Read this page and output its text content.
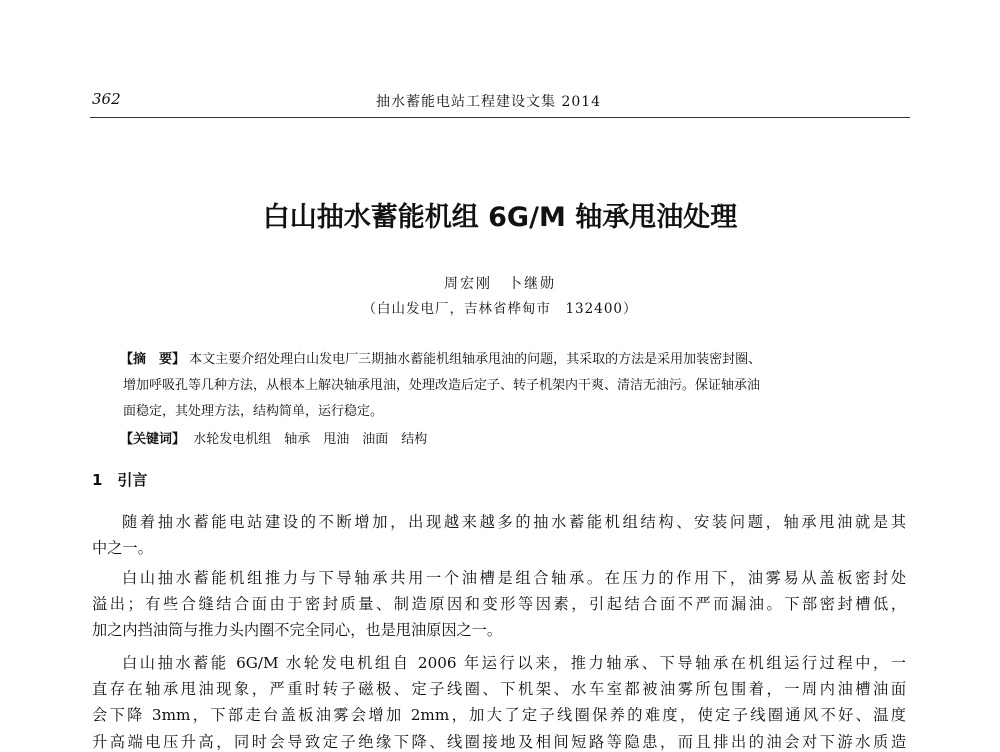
362	抽水蓄能电站工程建设文集 2014
白山抽水蓄能机组 6G/M 轴承甩油处理
周宏刚　卜继勋
（白山发电厂，吉林省桦甸市　132400）
【摘　要】 本文主要介绍处理白山发电厂三期抽水蓄能机组轴承甩油的问题，其采取的方法是采用加装密封圈、
增加呼吸孔等几种方法，从根本上解决轴承甩油，处理改造后定子、转子机架内干爽、清洁无油污。保证轴承油
面稳定，其处理方法，结构简单，运行稳定。
【关键词】 水轮发电机组　轴承　甩油　油面　结构
1　引言
随着抽水蓄能电站建设的不断增加，出现越来越多的抽水蓄能机组结构、安装问题，轴承甩油就是其
中之一。
白山抽水蓄能机组推力与下导轴承共用一个油槽是组合轴承。在压力的作用下，油雾易从盖板密封处
溢出；有些合缝结合面由于密封质量、制造原因和变形等因素，引起结合面不严而漏油。下部密封槽低，
加之内挡油筒与推力头内圈不完全同心，也是甩油原因之一。
白山抽水蓄能 6G/M 水轮发电机组自 2006 年运行以来，推力轴承、下导轴承在机组运行过程中，一
直存在轴承甩油现象，严重时转子磁极、定子线圈、下机架、水车室都被油雾所包围着，一周内油槽油面
会下降 3mm，下部走台盖板油雾会增加 2mm，加大了定子线圈保养的难度，使定子线圈通风不好、温度
升高端电压升高，同时会导致定子绝缘下降、线圈接地及相间短路等隐患，而且排出的油会对下游水质造
